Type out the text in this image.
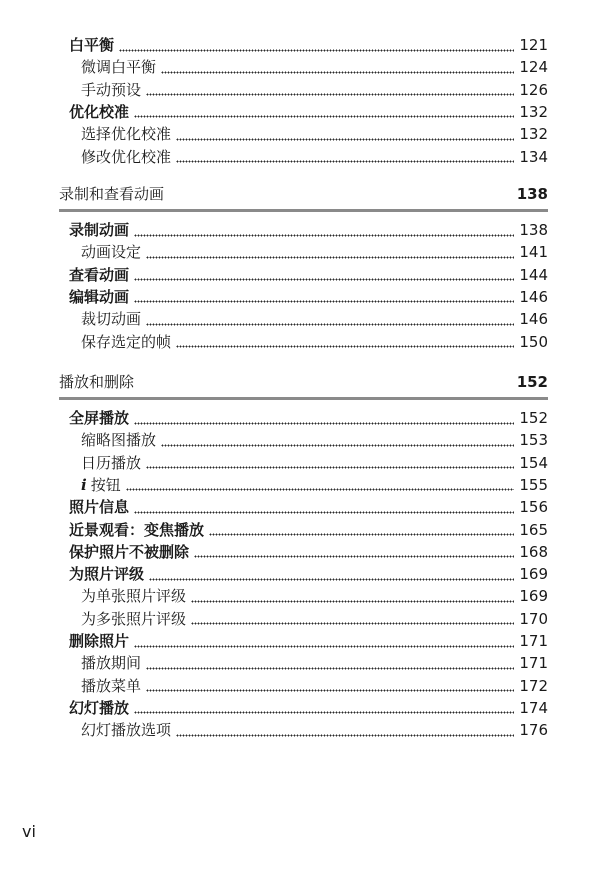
白平衡	121
微调白平衡	124
手动预设	126
优化校准	132
选择优化校准	132
修改优化校准	134
录制和查看动画	138
录制动画	138
动画设定	141
查看动画	144
编辑动画	146
裁切动画	146
保存选定的帧	150
播放和删除	152
全屏播放	152
缩略图播放	153
日历播放	154
i 按钮	155
照片信息	156
近景观看：变焦播放	165
保护照片不被删除	168
为照片评级	169
为单张照片评级	169
为多张照片评级	170
删除照片	171
播放期间	171
播放菜单	172
幻灯播放	174
幻灯播放选项	176
vi
